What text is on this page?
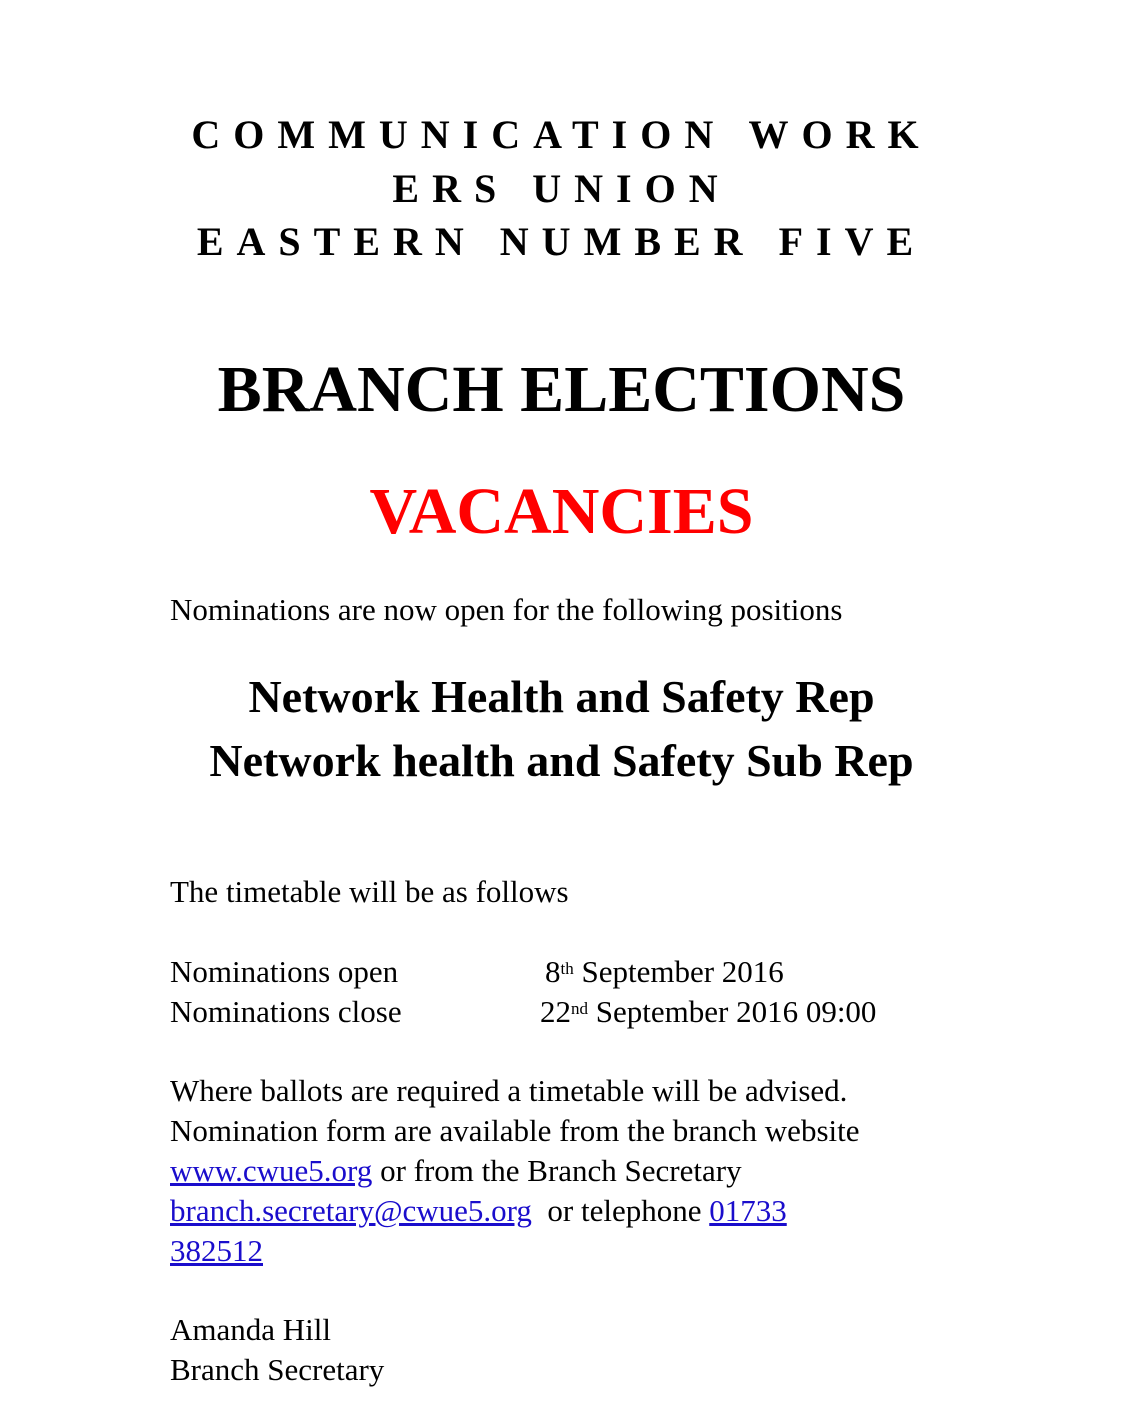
COMMUNICATION WORK
ERS UNION
EASTERN NUMBER FIVE
BRANCH ELECTIONS
VACANCIES
Nominations are now open for the following positions
Network Health and Safety Rep
Network health and Safety Sub Rep
The timetable will be as follows
Nominations open	8th September 2016
Nominations close	22nd September 2016 09:00
Where ballots are required a timetable will be advised.
Nomination form are available from the branch website
www.cwue5.org or from the Branch Secretary
branch.secretary@cwue5.org  or telephone 01733
382512
Amanda Hill
Branch Secretary
